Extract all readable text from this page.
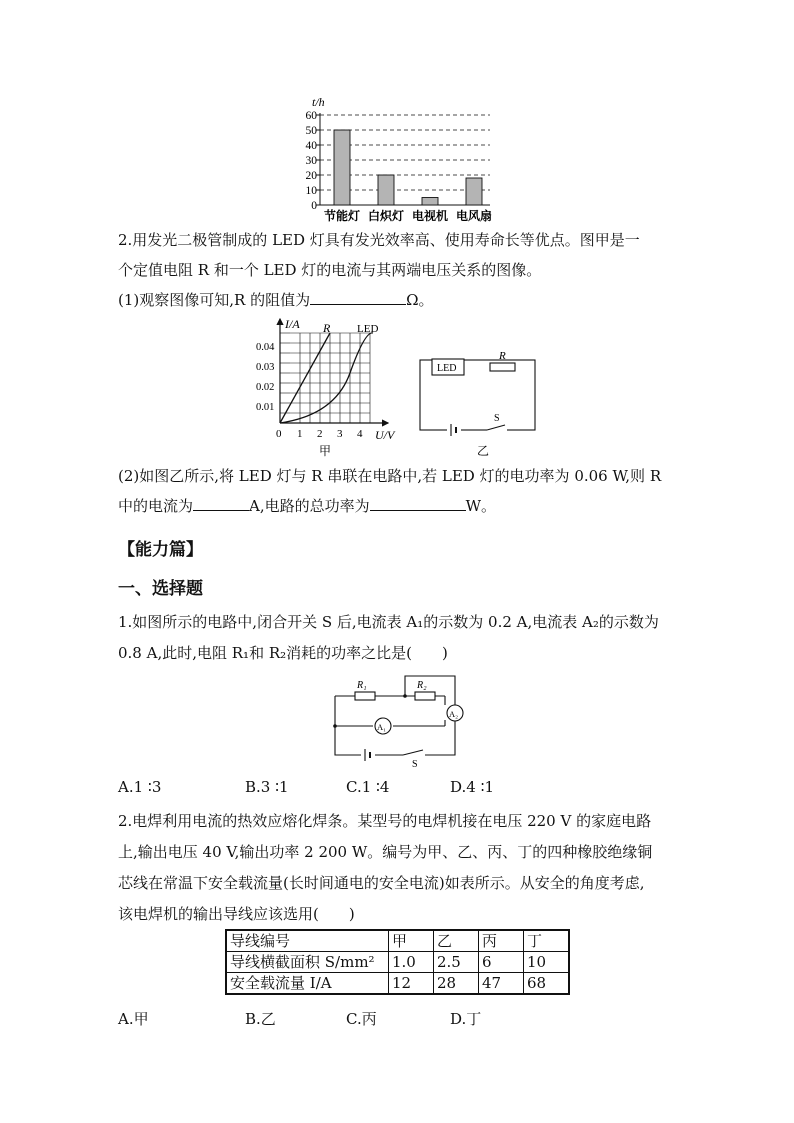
t/h
60
50
40
30
20
10
0
节能灯 白炽灯 电视机 电风扇
2.用发光二极管制成的 LED 灯具有发光效率高、使用寿命长等优点。图甲是一
个定值电阻 R 和一个 LED 灯的电流与其两端电压关系的图像。
(1)观察图像可知,R 的阻值为	Ω。
I/A R LED
0.04
0.03
0.02
0.01
0 1 2 3 4 U/V
甲
LED
R
S
乙
(2)如图乙所示,将 LED 灯与 R 串联在电路中,若 LED 灯的电功率为 0.06 W,则 R
中的电流为	A,电路的总功率为	W。
【能力篇】
一、选择题
1.如图所示的电路中,闭合开关 S 后,电流表 A₁的示数为 0.2 A,电流表 A₂的示数为
0.8 A,此时,电阻 R₁和 R₂消耗的功率之比是(　　)
R₁	R₂
A₁
A₂
S
A.1 ∶3	B.3 ∶1	C.1 ∶4	D.4 ∶1
2.电焊利用电流的热效应熔化焊条。某型号的电焊机接在电压 220 V 的家庭电路
上,输出电压 40 V,输出功率 2 200 W。编号为甲、乙、丙、丁的四种橡胶绝缘铜
芯线在常温下安全载流量(长时间通电的安全电流)如表所示。从安全的角度考虑,
该电焊机的输出导线应该选用(　　)
导线编号	甲	乙	丙	丁
导线横截面积 S/mm²	1.0	2.5	6	10
安全载流量 I/A	12	28	47	68
A.甲	B.乙	C.丙	D.丁
